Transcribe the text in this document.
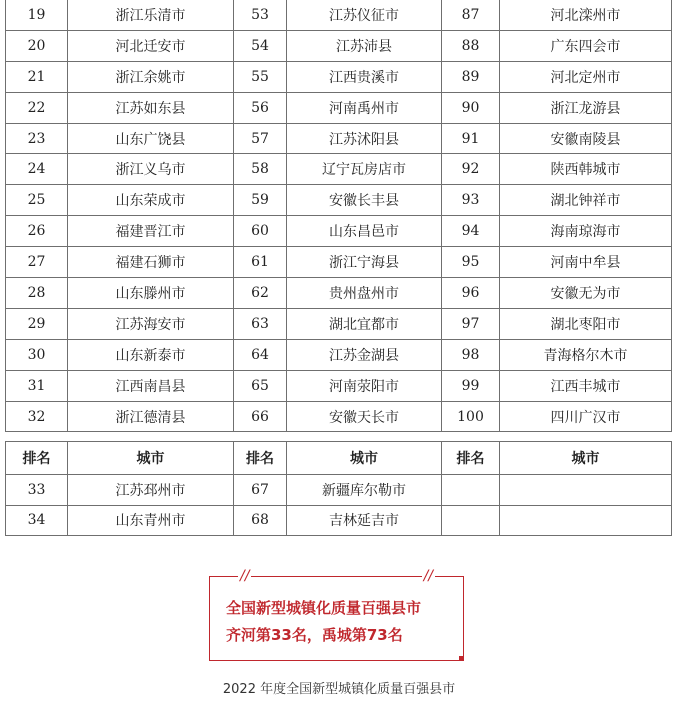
19	浙江乐清市	53	江苏仪征市	87	河北滦州市
20	河北迁安市	54	江苏沛县	88	广东四会市
21	浙江余姚市	55	江西贵溪市	89	河北定州市
22	江苏如东县	56	河南禹州市	90	浙江龙游县
23	山东广饶县	57	江苏沭阳县	91	安徽南陵县
24	浙江义乌市	58	辽宁瓦房店市	92	陕西韩城市
25	山东荣成市	59	安徽长丰县	93	湖北钟祥市
26	福建晋江市	60	山东昌邑市	94	海南琼海市
27	福建石狮市	61	浙江宁海县	95	河南中牟县
28	山东滕州市	62	贵州盘州市	96	安徽无为市
29	江苏海安市	63	湖北宜都市	97	湖北枣阳市
30	山东新泰市	64	江苏金湖县	98	青海格尔木市
31	江西南昌县	65	河南荥阳市	99	江西丰城市
32	浙江德清县	66	安徽天长市	100	四川广汉市
排名	城市	排名	城市	排名	城市
33	江苏邳州市	67	新疆库尔勒市		
34	山东青州市	68	吉林延吉市		
//	//
全国新型城镇化质量百强县市
齐河第33名，禹城第73名
2022 年度全国新型城镇化质量百强县市
